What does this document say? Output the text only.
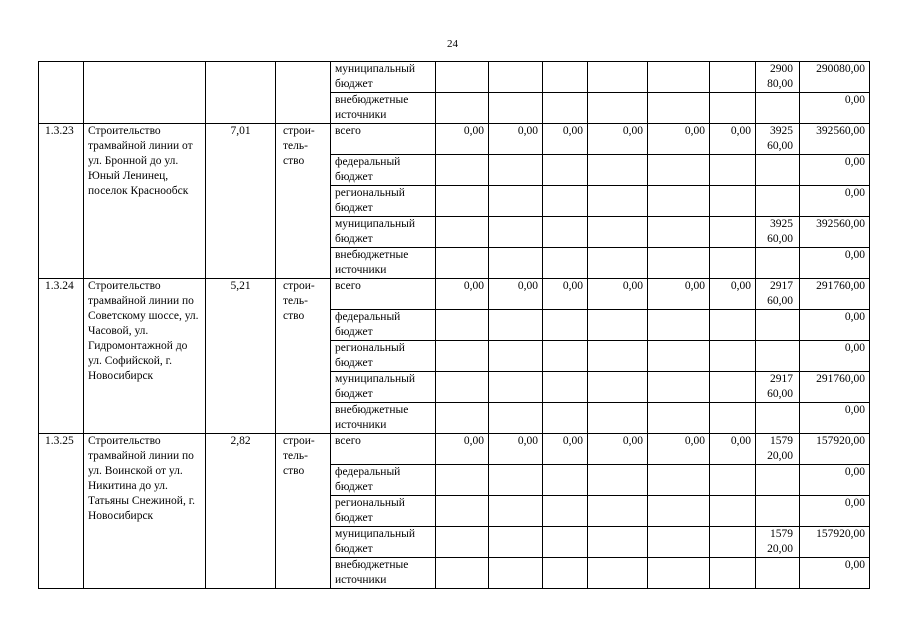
24
				муниципальный бюджет							2900 80,00	290080,00
				внебюджетные источники								0,00
1.3.23	Строительство трамвайной линии от ул. Бронной до ул. Юный Ленинец, поселок Краснообск	7,01	строи-тель-ство	всего	0,00	0,00	0,00	0,00	0,00	0,00	3925 60,00	392560,00
				федеральный бюджет								0,00
				региональный бюджет								0,00
				муниципальный бюджет							3925 60,00	392560,00
				внебюджетные источники								0,00
1.3.24	Строительство трамвайной линии по Советскому шоссе, ул. Часовой, ул. Гидромонтажной до ул. Софийской, г. Новосибирск	5,21	строи-тель-ство	всего	0,00	0,00	0,00	0,00	0,00	0,00	2917 60,00	291760,00
				федеральный бюджет								0,00
				региональный бюджет								0,00
				муниципальный бюджет							2917 60,00	291760,00
				внебюджетные источники								0,00
1.3.25	Строительство трамвайной линии по ул. Воинской от ул. Никитина до ул. Татьяны Снежиной, г. Новосибирск	2,82	строи-тель-ство	всего	0,00	0,00	0,00	0,00	0,00	0,00	1579 20,00	157920,00
				федеральный бюджет								0,00
				региональный бюджет								0,00
				муниципальный бюджет							1579 20,00	157920,00
				внебюджетные источники								0,00
